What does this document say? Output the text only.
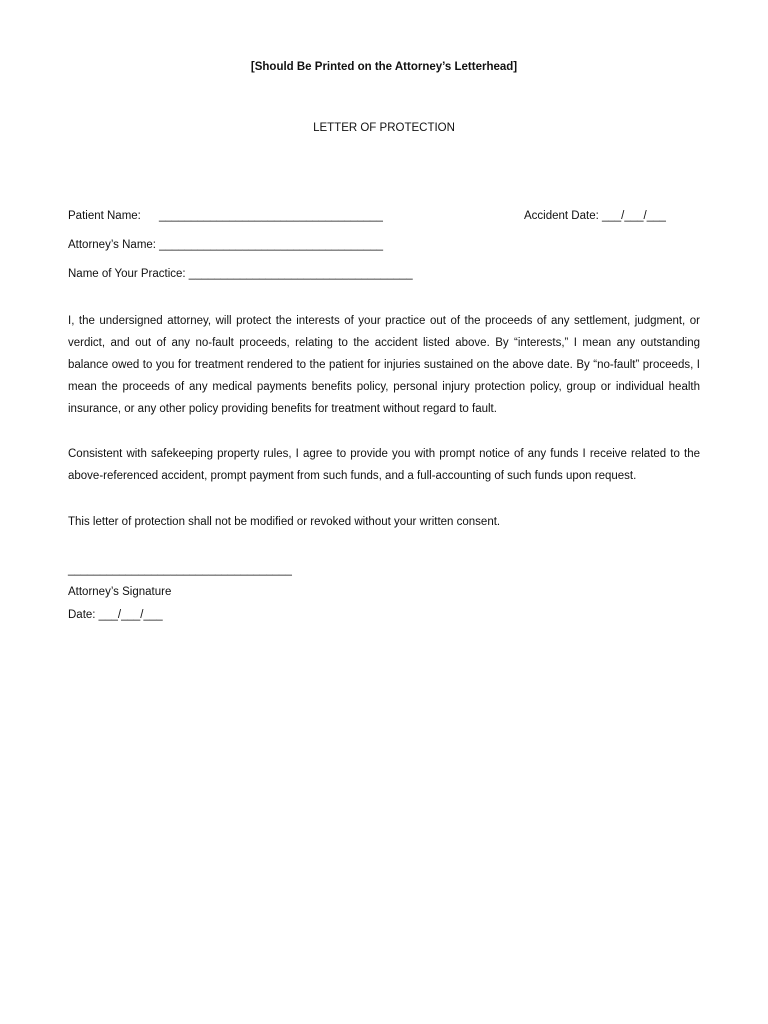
[Should Be Printed on the Attorney’s Letterhead]
LETTER OF PROTECTION
Patient Name: ___________________________________	Accident Date: ___/___/___
Attorney’s Name: ___________________________________
Name of Your Practice: ___________________________________

I, the undersigned attorney, will protect the interests of your practice out of the proceeds of any settlement, judgment, or verdict, and out of any no-fault proceeds, relating to the accident listed above. By “interests,” I mean any outstanding balance owed to you for treatment rendered to the patient for injuries sustained on the above date. By “no-fault” proceeds, I mean the proceeds of any medical payments benefits policy, personal injury protection policy, group or individual health insurance, or any other policy providing benefits for treatment without regard to fault.

Consistent with safekeeping property rules, I agree to provide you with prompt notice of any funds I receive related to the above-referenced accident, prompt payment from such funds, and a full-accounting of such funds upon request.

This letter of protection shall not be modified or revoked without your written consent.

___________________________________
Attorney’s Signature
Date: ___/___/___
